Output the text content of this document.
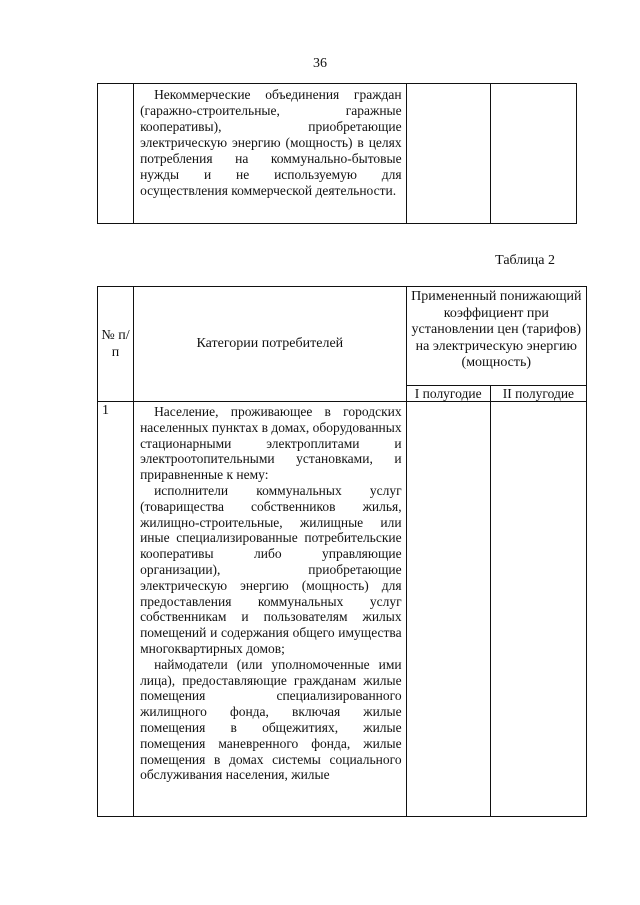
36

Некоммерческие объединения граждан (гаражно-строительные, гаражные кооперативы), приобретающие электрическую энергию (мощность) в целях потребления на коммунально-бытовые нужды и не используемую для осуществления коммерческой деятельности.

Таблица 2
№ п/п	Категории потребителей	Примененный понижающий коэффициент при установлении цен (тарифов) на электрическую энергию (мощность)	
		I полугодие	II полугодие
1	Население, проживающее в городских населенных пунктах в домах, оборудованных стационарными электроплитами и электроотопительными установками, и приравненные к нему:

исполнители коммунальных услуг (товарищества собственников жилья, жилищно-строительные, жилищные или иные специализированные потребительские кооперативы либо управляющие организации), приобретающие электрическую энергию (мощность) для предоставления коммунальных услуг собственникам и пользователям жилых помещений и содержания общего имущества многоквартирных домов;

наймодатели (или уполномоченные ими лица), предоставляющие гражданам жилые помещения специализированного жилищного фонда, включая жилые помещения в общежитиях, жилые помещения маневренного фонда, жилые помещения в домах системы социального обслуживания населения, жилые		
